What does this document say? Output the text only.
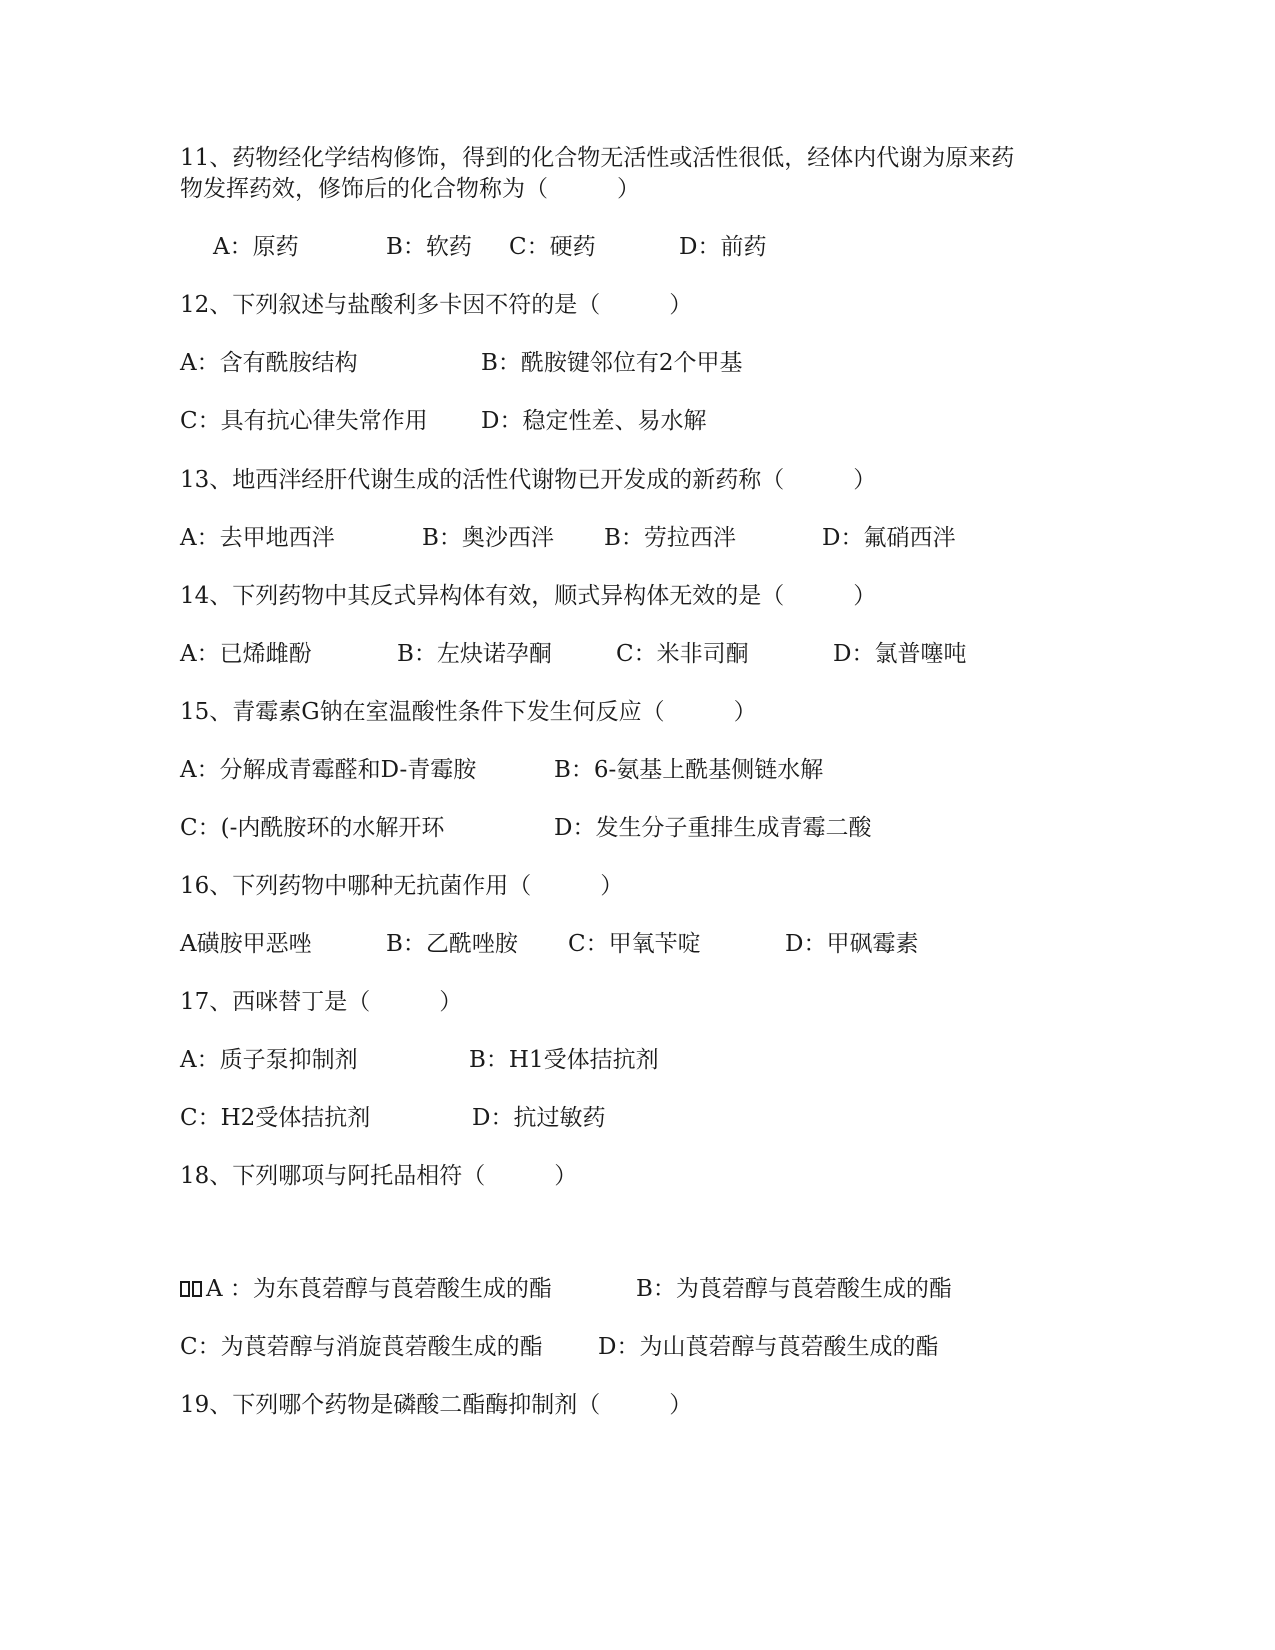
11、药物经化学结构修饰，得到的化合物无活性或活性很低，经体内代谢为原来药
物发挥药效，修饰后的化合物称为（　　　）
A：原药	B：软药 C：硬药	D：前药
12、下列叙述与盐酸利多卡因不符的是（　　　）
A：含有酰胺结构	B：酰胺键邻位有2个甲基
C：具有抗心律失常作用 D：稳定性差、易水解
13、地西泮经肝代谢生成的活性代谢物已开发成的新药称（　　　）
A：去甲地西泮	B：奥沙西泮 B：劳拉西泮	D：氟硝西泮
14、下列药物中其反式异构体有效，顺式异构体无效的是（　　　）
A：已烯雌酚	B：左炔诺孕酮	C：米非司酮	D：氯普噻吨
15、青霉素G钠在室温酸性条件下发生何反应（　　　）
A：分解成青霉醛和D-青霉胺	B：6-氨基上酰基侧链水解
C：(-内酰胺环的水解开环	D：发生分子重排生成青霉二酸
16、下列药物中哪种无抗菌作用（　　　）
A磺胺甲恶唑	B：乙酰唑胺 C：甲氧苄啶	D：甲砜霉素
17、西咪替丁是（　　　）
A：质子泵抑制剂	B：H1受体拮抗剂
C：H2受体拮抗剂	D：抗过敏药
18、下列哪项与阿托品相符（　　　）
A ：为东莨菪醇与莨菪酸生成的酯	B：为莨菪醇与莨菪酸生成的酯
C：为莨菪醇与消旋莨菪酸生成的酯 D：为山莨菪醇与莨菪酸生成的酯
19、下列哪个药物是磷酸二酯酶抑制剂（　　　）
